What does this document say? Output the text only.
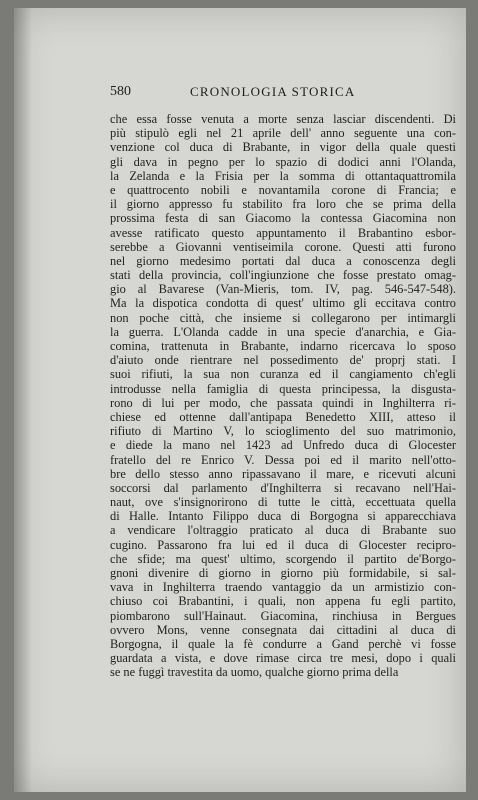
580	CRONOLOGIA STORICA
che essa fosse venuta a morte senza lasciar discendenti. Di
più stipulò egli nel 21 aprile dell' anno seguente una con-
venzione col duca di Brabante, in vigor della quale questi
gli dava in pegno per lo spazio di dodici anni l'Olanda,
la Zelanda e la Frisia per la somma di ottantaquattromila
e quattrocento nobili e novantamila corone di Francia; e
il giorno appresso fu stabilito fra loro che se prima della
prossima festa di san Giacomo la contessa Giacomina non
avesse ratificato questo appuntamento il Brabantino esbor-
serebbe a Giovanni ventiseimila corone. Questi atti furono
nel giorno medesimo portati dal duca a conoscenza degli
stati della provincia, coll'ingiunzione che fosse prestato omag-
gio al Bavarese (Van-Mieris, tom. IV, pag. 546-547-548).
Ma la dispotica condotta di quest' ultimo gli eccitava contro
non poche città, che insieme si collegarono per intimargli
la guerra. L'Olanda cadde in una specie d'anarchia, e Gia-
comina, trattenuta in Brabante, indarno ricercava lo sposo
d'aiuto onde rientrare nel possedimento de' proprj stati. I
suoi rifiuti, la sua non curanza ed il cangiamento ch'egli
introdusse nella famiglia di questa principessa, la disgusta-
rono di lui per modo, che passata quindi in Inghilterra ri-
chiese ed ottenne dall'antipapa Benedetto XIII, atteso il
rifiuto di Martino V, lo scioglimento del suo matrimonio,
e diede la mano nel 1423 ad Unfredo duca di Glocester
fratello del re Enrico V. Dessa poi ed il marito nell'otto-
bre dello stesso anno ripassavano il mare, e ricevuti alcuni
soccorsi dal parlamento d'Inghilterra si recavano nell'Hai-
naut, ove s'insignorirono di tutte le città, eccettuata quella
di Halle. Intanto Filippo duca di Borgogna si apparecchiava
a vendicare l'oltraggio praticato al duca di Brabante suo
cugino. Passarono fra lui ed il duca di Glocester recipro-
che sfide; ma quest' ultimo, scorgendo il partito de'Borgo-
gnoni divenire di giorno in giorno più formidabile, si sal-
vava in Inghilterra traendo vantaggio da un armistizio con-
chiuso coi Brabantini, i quali, non appena fu egli partito,
piombarono sull'Hainaut. Giacomina, rinchiusa in Bergues
ovvero Mons, venne consegnata dai cittadini al duca di
Borgogna, il quale la fè condurre a Gand perchè vi fosse
guardata a vista, e dove rimase circa tre mesi, dopo i quali
se ne fuggì travestita da uomo, qualche giorno prima della
